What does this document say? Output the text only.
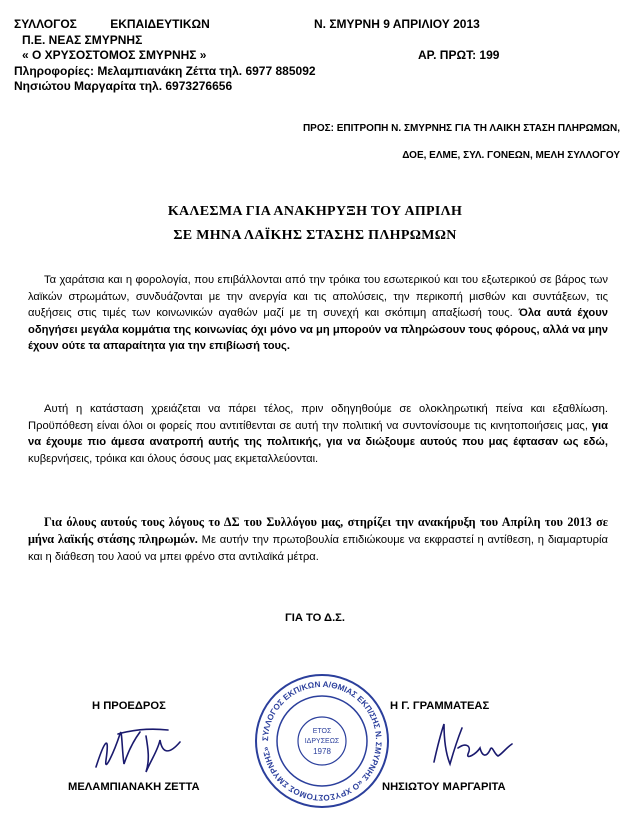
ΣΥΛΛΟΓΟΣ ΕΚΠΑΙΔΕΥΤΙΚΩΝ	Ν. ΣΜΥΡΝΗ 9 ΑΠΡΙΛΙΟΥ 2013
Π.Ε. ΝΕΑΣ ΣΜΥΡΝΗΣ
« Ο ΧΡΥΣΟΣΤΟΜΟΣ ΣΜΥΡΝΗΣ »	ΑΡ. ΠΡΩΤ: 199
Πληροφορίες: Μελαμπιανάκη Ζέττα τηλ. 6977 885092
Νησιώτου Μαργαρίτα τηλ. 6973276656
ΠΡΟΣ: ΕΠΙΤΡΟΠΗ Ν. ΣΜΥΡΝΗΣ ΓΙΑ ΤΗ ΛΑΙΚΗ ΣΤΑΣΗ ΠΛΗΡΩΜΩΝ,
ΔΟΕ, ΕΛΜΕ, ΣΥΛ. ΓΟΝΕΩΝ, ΜΕΛΗ ΣΥΛΛΟΓΟΥ
ΚΑΛΕΣΜΑ ΓΙΑ ΑΝΑΚΗΡΥΞΗ ΤΟΥ ΑΠΡΙΛΗ
ΣΕ ΜΗΝΑ ΛΑΪΚΗΣ ΣΤΑΣΗΣ ΠΛΗΡΩΜΩΝ
Τα χαράτσια και η φορολογία, που επιβάλλονται από την τρόικα του εσωτερικού και του εξωτερικού σε βάρος των λαϊκών στρωμάτων, συνδυάζονται με την ανεργία και τις απολύσεις, την περικοπή μισθών και συντάξεων, τις αυξήσεις στις τιμές των κοινωνικών αγαθών μαζί με τη συνεχή και σκόπιμη απαξίωσή τους. Όλα αυτά έχουν οδηγήσει μεγάλα κομμάτια της κοινωνίας όχι μόνο να μη μπορούν να πληρώσουν τους φόρους, αλλά να μην έχουν ούτε τα απαραίτητα για την επιβίωσή τους.
Αυτή η κατάσταση χρειάζεται να πάρει τέλος, πριν οδηγηθούμε σε ολοκληρωτική πείνα και εξαθλίωση. Προϋπόθεση είναι όλοι οι φορείς που αντιτίθενται σε αυτή την πολιτική να συντονίσουμε τις κινητοποιήσεις μας, για να έχουμε πιο άμεσα ανατροπή αυτής της πολιτικής, για να διώξουμε αυτούς που μας έφτασαν ως εδώ, κυβερνήσεις, τρόικα και όλους όσους μας εκμεταλλεύονται.
Για όλους αυτούς τους λόγους το ΔΣ του Συλλόγου μας, στηρίζει την ανακήρυξη του Απρίλη του 2013 σε μήνα λαϊκής στάσης πληρωμών. Με αυτήν την πρωτοβουλία επιδιώκουμε να εκφραστεί η αντίθεση, η διαμαρτυρία και η διάθεση του λαού να μπει φρένο στα αντιλαϊκά μέτρα.
ΓΙΑ ΤΟ Δ.Σ.
Η ΠΡΟΕΔΡΟΣ	Η Γ. ΓΡΑΜΜΑΤΕΑΣ
ΜΕΛΑΜΠΙΑΝΑΚΗ ΖΕΤΤΑ	ΝΗΣΙΩΤΟΥ ΜΑΡΓΑΡΙΤΑ
ΣΥΛΛΟΓΟΣ ΕΚΠ/ΚΩΝ Α/ΘΜΙΑΣ ΕΚΠ/ΣΗΣ Ν. ΣΜΥΡΝΗΣ «Ο ΧΡΥΣΟΣΤΟΜΟΣ ΣΜΥΡΝΗΣ»
ΕΤΟΣ
ΙΔΡΥΣΕΩΣ
1978
